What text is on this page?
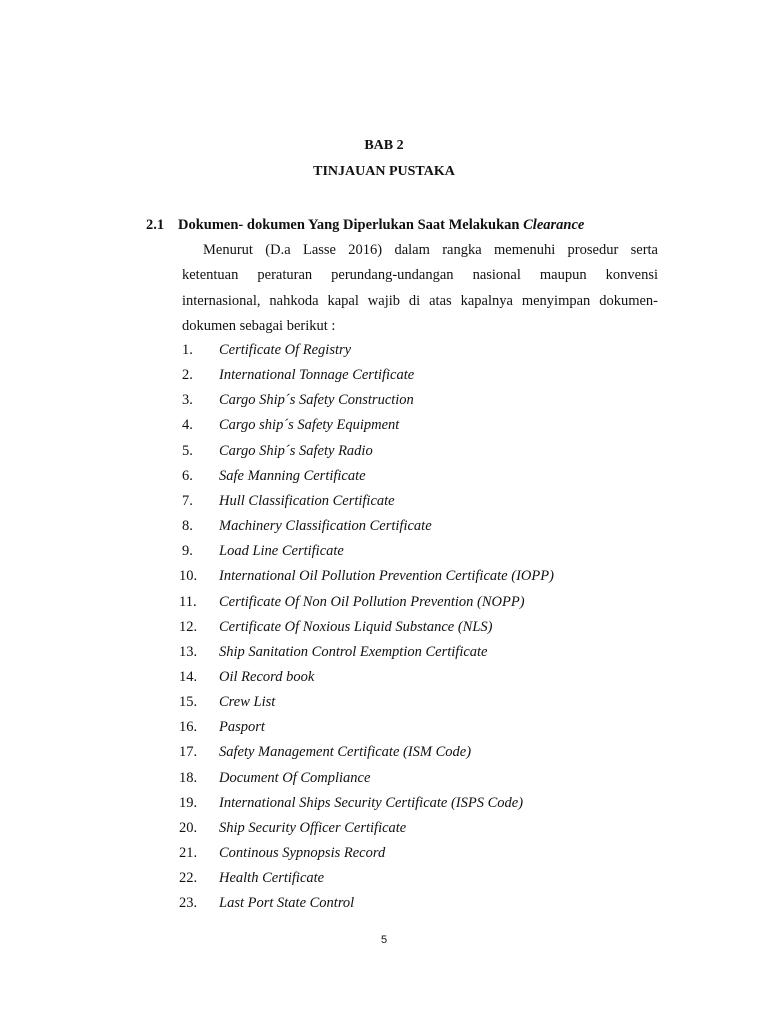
BAB 2
TINJAUAN PUSTAKA
2.1 Dokumen- dokumen Yang Diperlukan Saat Melakukan Clearance
Menurut (D.a Lasse 2016) dalam rangka memenuhi prosedur serta
ketentuan peraturan perundang-undangan nasional maupun konvensi
internasional, nahkoda kapal wajib di atas kapalnya menyimpan dokumen-
dokumen sebagai berikut :
1.	Certificate Of Registry
2.	International Tonnage Certificate
3.	Cargo Ship´s Safety Construction
4.	Cargo ship´s Safety Equipment
5.	Cargo Ship´s Safety Radio
6.	Safe Manning Certificate
7.	Hull Classification Certificate
8.	Machinery Classification Certificate
9.	Load Line Certificate
10.	International Oil Pollution Prevention Certificate (IOPP)
11.	Certificate Of Non Oil Pollution Prevention (NOPP)
12.	Certificate Of Noxious Liquid Substance (NLS)
13.	Ship Sanitation Control Exemption Certificate
14.	Oil Record book
15.	Crew List
16.	Pasport
17.	Safety Management Certificate (ISM Code)
18.	Document Of Compliance
19.	International Ships Security Certificate (ISPS Code)
20.	Ship Security Officer Certificate
21.	Continous Sypnopsis Record
22.	Health Certificate
23.	Last Port State Control
5
